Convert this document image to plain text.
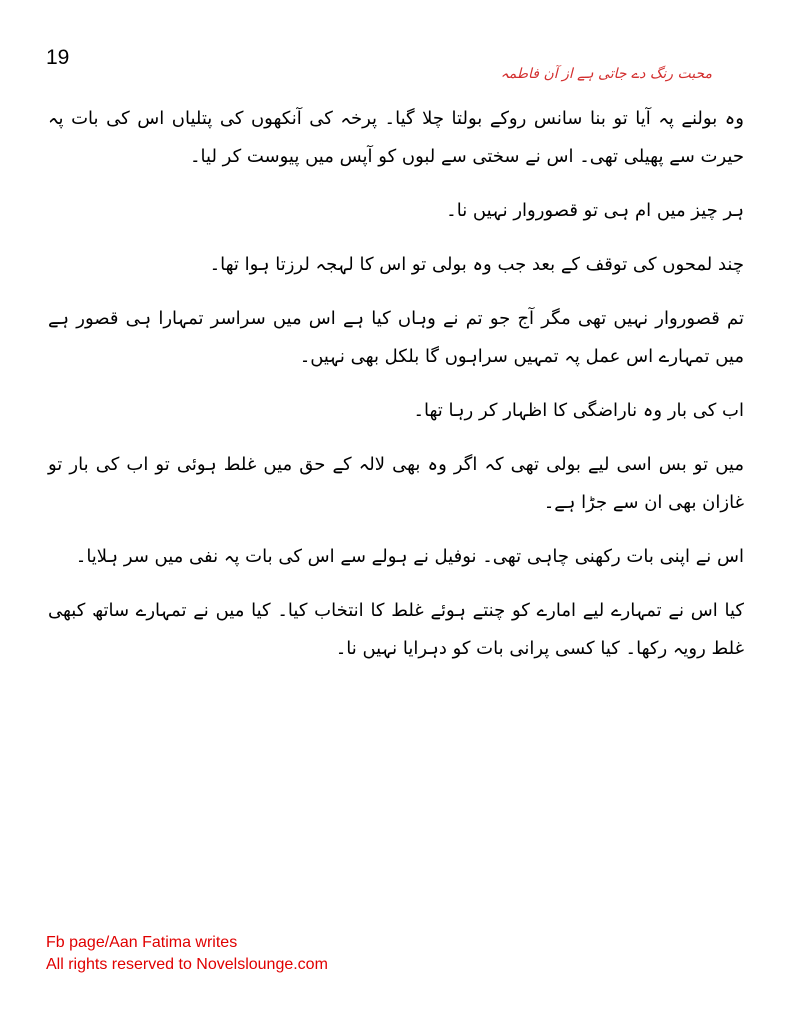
19
محبت رنگ دے جاتی ہے از آن فاطمہ

وہ بولنے پہ آیا تو بنا سانس روکے بولتا چلا گیا۔ پرخہ کی آنکھوں کی پتلیاں اس کی بات پہ حیرت سے پھیلی تھی۔ اس نے سختی سے لبوں کو آپس میں پیوست کر لیا۔

ہر چیز میں ام ہی تو قصوروار نہیں نا۔

چند لمحوں کی توقف کے بعد جب وہ بولی تو اس کا لہجہ لرزتا ہوا تھا۔

تم قصوروار نہیں تھی مگر آج جو تم نے وہاں کیا ہے اس میں سراسر تمہارا ہی قصور ہے میں تمہارے اس عمل پہ تمہیں سراہوں گا بلکل بھی نہیں۔

اب کی بار وہ ناراضگی کا اظہار کر رہا تھا۔

میں تو بس اسی لیے بولی تھی کہ اگر وہ بھی لالہ کے حق میں غلط ہوئی تو اب کی بار تو غازان بھی ان سے جڑا ہے۔

اس نے اپنی بات رکھنی چاہی تھی۔ نوفیل نے ہولے سے اس کی بات پہ نفی میں سر ہلایا۔

کیا اس نے تمہارے لیے امارے کو چنتے ہوئے غلط کا انتخاب کیا۔ کیا میں نے تمہارے ساتھ کبھی غلط رویہ رکھا۔ کیا کسی پرانی بات کو دہرایا نہیں نا۔

Fb page/Aan Fatima writes
All rights reserved to Novelslounge.com
